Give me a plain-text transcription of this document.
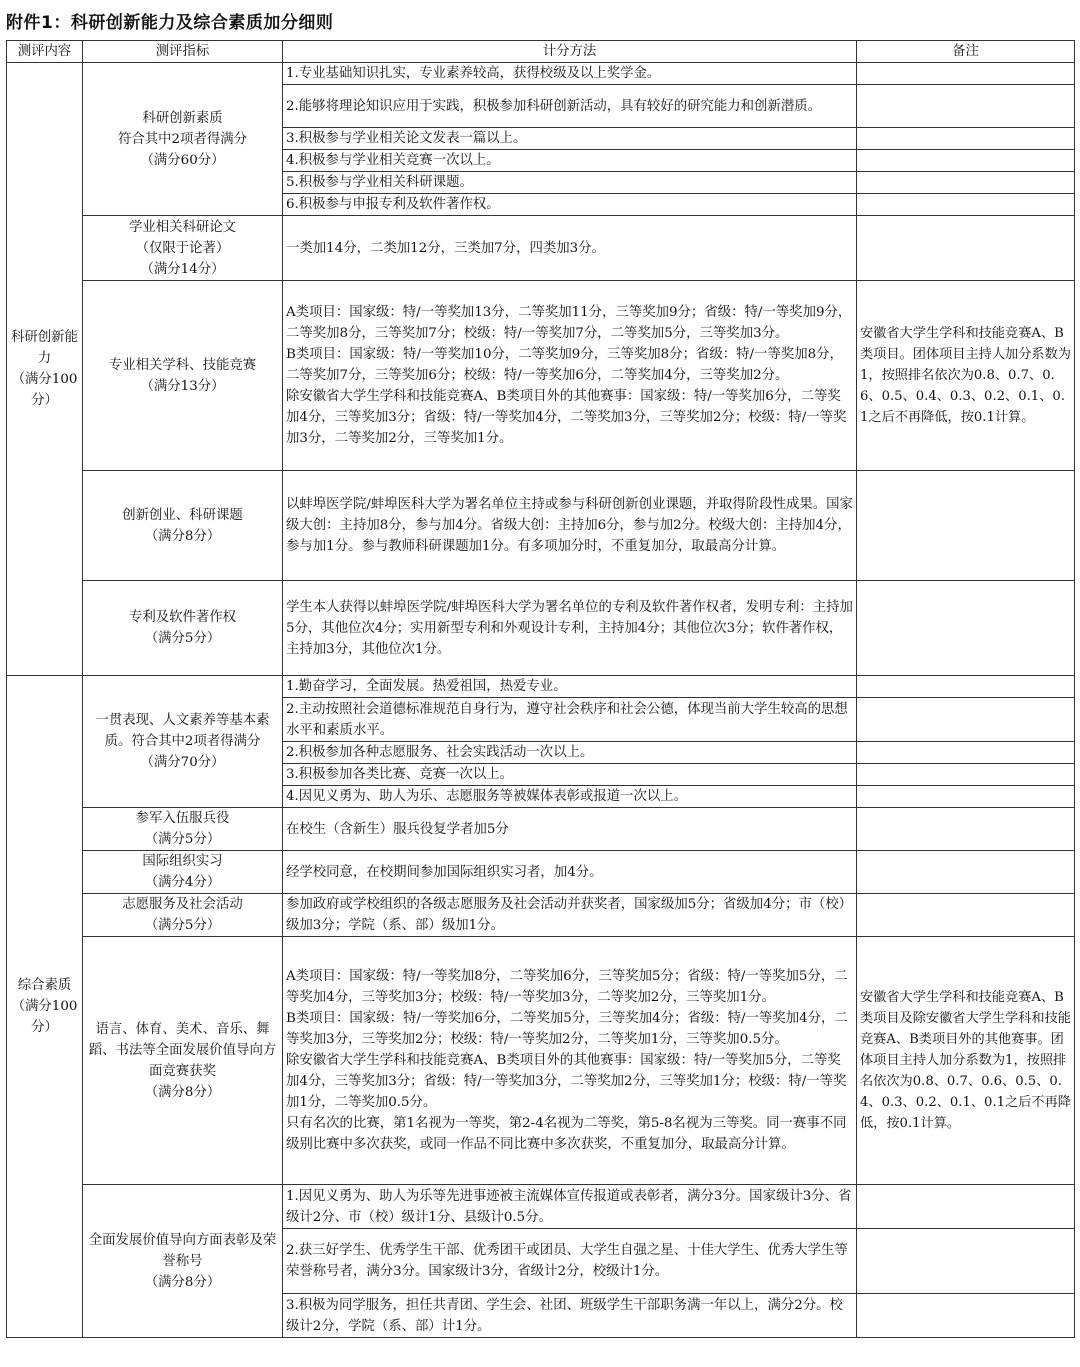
附件1：科研创新能力及综合素质加分细则
测评内容	测评指标	计分方法	备注
科研创新能力
（满分100分）	科研创新素质
符合其中2项者得满分
（满分60分）	1.专业基础知识扎实，专业素养较高，获得校级及以上奖学金。	
		2.能够将理论知识应用于实践，积极参加科研创新活动，具有较好的研究能力和创新潜质。	
		3.积极参与学业相关论文发表一篇以上。	
		4.积极参与学业相关竞赛一次以上。	
		5.积极参与学业相关科研课题。	
		6.积极参与申报专利及软件著作权。	
	学业相关科研论文
（仅限于论著）
（满分14分）	一类加14分，二类加12分，三类加7分，四类加3分。	
	专业相关学科、技能竞赛
（满分13分）	A类项目：国家级：特/一等奖加13分，二等奖加11分，三等奖加9分；省级：特/一等奖加9分，二等奖加8分，三等奖加7分；校级：特/一等奖加7分，二等奖加5分，三等奖加3分。
B类项目：国家级：特/一等奖加10分，二等奖加9分，三等奖加8分；省级：特/一等奖加8分，二等奖加7分，三等奖加6分；校级：特/一等奖加6分，二等奖加4分，三等奖加2分。
除安徽省大学生学科和技能竞赛A、B类项目外的其他赛事：国家级：特/一等奖加6分，二等奖加4分，三等奖加3分；省级：特/一等奖加4分，二等奖加3分，三等奖加2分；校级：特/一等奖加3分，二等奖加2分，三等奖加1分。	安徽省大学生学科和技能竞赛A、B类项目。团体项目主持人加分系数为1，按照排名依次为0.8、0.7、0.6、0.5、0.4、0.3、0.2、0.1、0.1之后不再降低，按0.1计算。
	创新创业、科研课题
（满分8分）	以蚌埠医学院/蚌埠医科大学为署名单位主持或参与科研创新创业课题，并取得阶段性成果。国家级大创：主持加8分，参与加4分。省级大创：主持加6分，参与加2分。校级大创：主持加4分，参与加1分。参与教师科研课题加1分。有多项加分时，不重复加分，取最高分计算。	
	专利及软件著作权
（满分5分）	学生本人获得以蚌埠医学院/蚌埠医科大学为署名单位的专利及软件著作权者，发明专利：主持加5分，其他位次4分；实用新型专利和外观设计专利，主持加4分；其他位次3分；软件著作权，主持加3分，其他位次1分。	
综合素质
（满分100分）	一贯表现、人文素养等基本素质。符合其中2项者得满分
（满分70分）	1.勤奋学习，全面发展。热爱祖国，热爱专业。	
		2.主动按照社会道德标准规范自身行为，遵守社会秩序和社会公德，体现当前大学生较高的思想水平和素质水平。	
		2.积极参加各种志愿服务、社会实践活动一次以上。	
		3.积极参加各类比赛、竞赛一次以上。	
		4.因见义勇为、助人为乐、志愿服务等被媒体表彰或报道一次以上。	
	参军入伍服兵役
（满分5分）	在校生（含新生）服兵役复学者加5分	
	国际组织实习
（满分4分）	经学校同意，在校期间参加国际组织实习者，加4分。	
	志愿服务及社会活动
（满分5分）	参加政府或学校组织的各级志愿服务及社会活动并获奖者，国家级加5分；省级加4分；市（校）级加3分；学院（系、部）级加1分。	
	语言、体育、美术、音乐、舞蹈、书法等全面发展价值导向方面竞赛获奖
（满分8分）	A类项目：国家级：特/一等奖加8分，二等奖加6分，三等奖加5分；省级：特/一等奖加5分，二等奖加4分，三等奖加3分；校级：特/一等奖加3分，二等奖加2分，三等奖加1分。
B类项目：国家级：特/一等奖加6分，二等奖加5分，三等奖加4分；省级：特/一等奖加4分，二等奖加3分，三等奖加2分；校级：特/一等奖加2分，二等奖加1分，三等奖加0.5分。
除安徽省大学生学科和技能竞赛A、B类项目外的其他赛事：国家级：特/一等奖加5分，二等奖加4分，三等奖加3分；省级：特/一等奖加3分，二等奖加2分，三等奖加1分；校级：特/一等奖加1分，二等奖加0.5分。
只有名次的比赛，第1名视为一等奖，第2-4名视为二等奖，第5-8名视为三等奖。同一赛事不同级别比赛中多次获奖，或同一作品不同比赛中多次获奖，不重复加分，取最高分计算。	安徽省大学生学科和技能竞赛A、B类项目及除安徽省大学生学科和技能竞赛A、B类项目外的其他赛事。团体项目主持人加分系数为1，按照排名依次为0.8、0.7、0.6、0.5、0.4、0.3、0.2、0.1、0.1之后不再降低，按0.1计算。
	全面发展价值导向方面表彰及荣誉称号
（满分8分）	1.因见义勇为、助人为乐等先进事迹被主流媒体宣传报道或表彰者，满分3分。国家级计3分、省级计2分、市（校）级计1分、县级计0.5分。	
		2.获三好学生、优秀学生干部、优秀团干或团员、大学生自强之星、十佳大学生、优秀大学生等荣誉称号者，满分3分。国家级计3分，省级计2分，校级计1分。	
		3.积极为同学服务，担任共青团、学生会、社团、班级学生干部职务满一年以上，满分2分。校级计2分，学院（系、部）计1分。	
